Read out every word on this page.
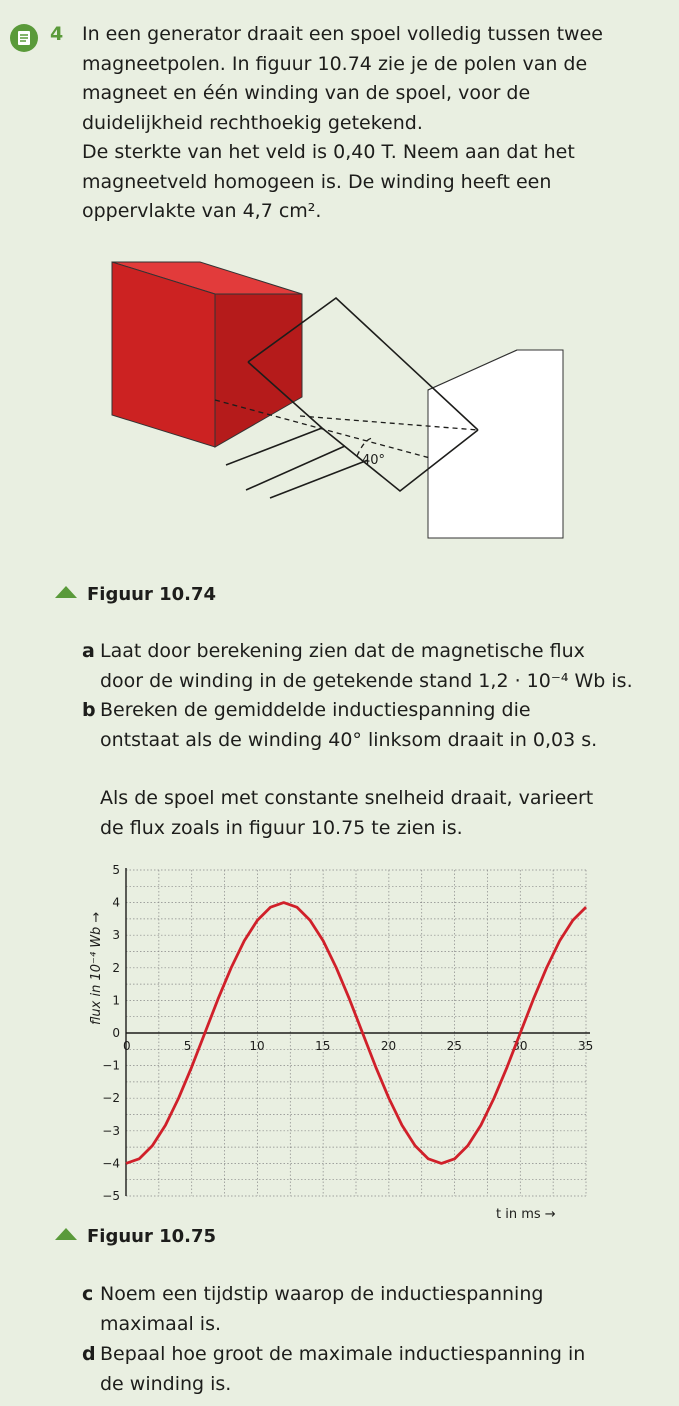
4 In een generator draait een spoel volledig tussen twee

magneetpolen. In figuur 10.74 zie je de polen van de

magneet en één winding van de spoel, voor de

duidelijkheid rechthoekig getekend.

De sterkte van het veld is 0,40 T. Neem aan dat het

magneetveld homogeen is. De winding heeft een

oppervlakte van 4,7 cm².

40°
Figuur 10.74
a Laat door berekening zien dat de magnetische flux
door de winding in de getekende stand 1,2 · 10⁻⁴ Wb is.
b Bereken de gemiddelde inductiespanning die
ontstaat als de winding 40° linksom draait in 0,03 s.
Als de spoel met constante snelheid draait, varieert
de flux zoals in figuur 10.75 te zien is.
0	5	10	15	20	25	30	35
5
4
3
2
1
0
−1
−2
−3
−4
−5
flux in 10⁻⁴ Wb →
t in ms →
Figuur 10.75
c Noem een tijdstip waarop de inductiespanning
maximaal is.
d Bepaal hoe groot de maximale inductiespanning in
de winding is.
